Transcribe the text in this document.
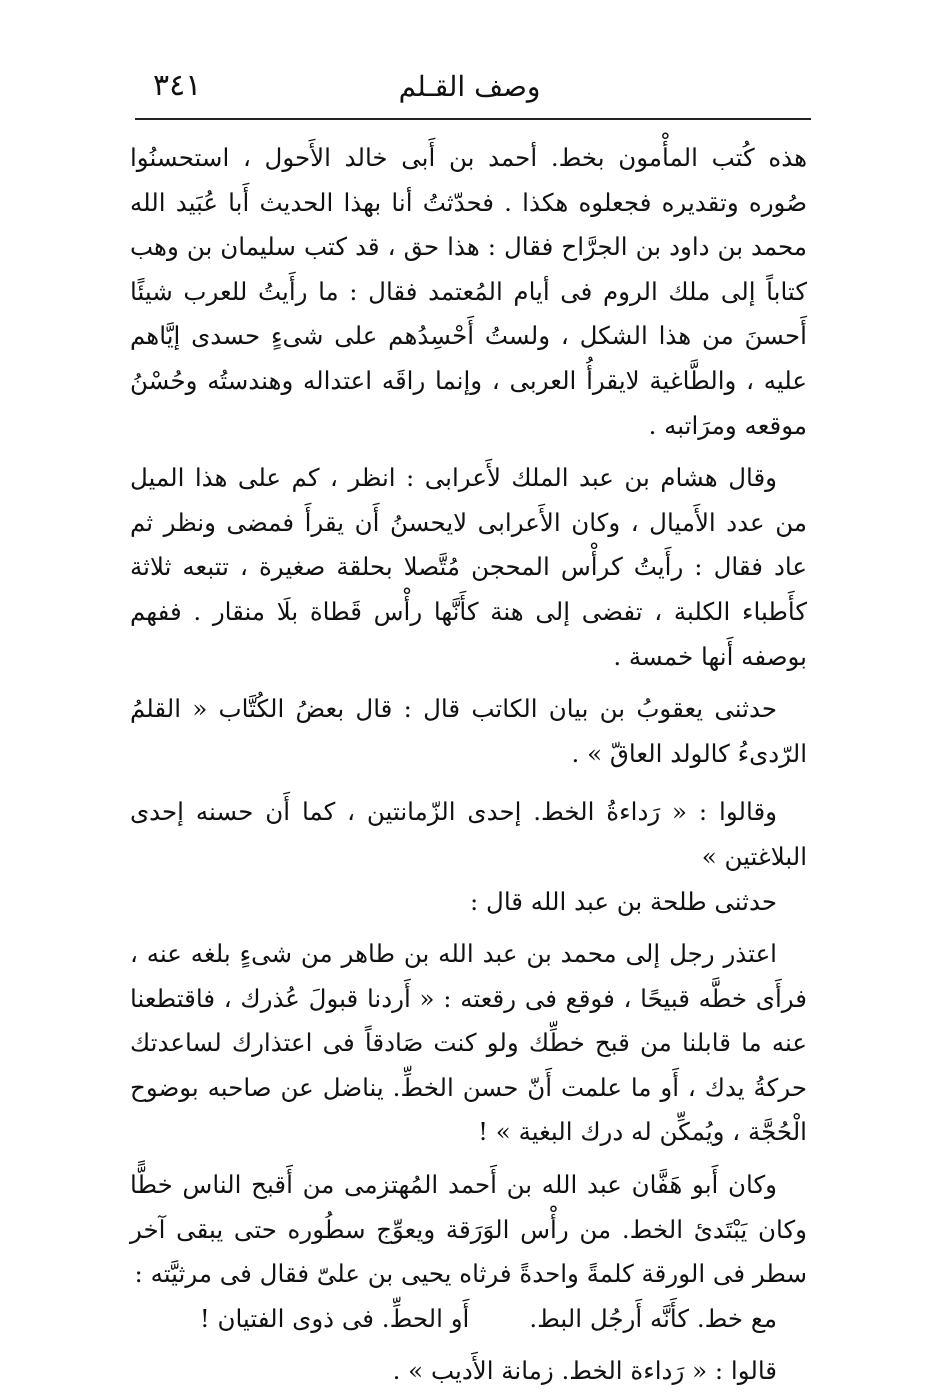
وصف القـلم
٣٤١

هذه كُتب المأْمون بخط. أحمد بن أَبى خالد الأَحول ، استحسنُوا صُوره وتقديره فجعلوه هكذا . فحدّثتُ أنا بهذا الحديث أَبا عُبَيد الله محمد بن داود بن الجرَّاح فقال : هذا حق ، قد كتب سليمان بن وهب كتاباً إلى ملك الروم فى أيام المُعتمد فقال : ما رأَيتُ للعرب شيئًا أَحسنَ من هذا الشكل ، ولستُ أَحْسِدُهم على شىءٍ حسدى إيَّاهم عليه ، والطَّاغية لايقرأُ العربى ، وإنما راقَه اعتداله وهندستُه وحُسْنُ موقعه ومرَاتبه .

وقال هشام بن عبد الملك لأَعرابى : انظر ، كم على هذا الميل من عدد الأَميال ، وكان الأَعرابى لايحسنُ أَن يقرأَ فمضى ونظر ثم عاد فقال : رأَيتُ كرأْس المحجن مُتَّصلا بحلقة صغيرة ، تتبعه ثلاثة كأَطباء الكلبة ، تفضى إلى هنة كأَنَّها رأْس قَطاة بلَا منقار . ففهم بوصفه أَنها خمسة .

حدثنى يعقوبُ بن بيان الكاتب قال : قال بعضُ الكُتَّاب « القلمُ الرّدىءُ كالولد العاقّ » .

وقالوا : « رَداءةُ الخط. إحدى الزّمانتين ، كما أَن حسنه إحدى البلاغتين »

حدثنى طلحة بن عبد الله قال :

اعتذر رجل إلى محمد بن عبد الله بن طاهر من شىءٍ بلغه عنه ، فرأَى خطَّه قبيحًا ، فوقع فى رقعته : « أَردنا قبولَ عُذرك ، فاقتطعنا عنه ما قابلنا من قبح خطِّك ولو كنت صَادقاً فى اعتذارك لساعدتك حركةُ يدك ، أَو ما علمت أَنّ حسن الخطِّ. يناضل عن صاحبه بوضوح الْحُجَّة ، ويُمكِّن له درك البغية » !

وكان أَبو هَفَّان عبد الله بن أَحمد المُهتزمى من أَقبح الناس خطًّا وكان يَبْتَدئ الخط. من رأْس الوَرَقة ويعوِّج سطُوره حتى يبقى آخر سطر فى الورقة كلمةً واحدةً فرثاه يحيى بن علىّ فقال فى مرثيَّته :

مع خط. كأَنَّه أَرجُل البط.
أَو الحطِّ. فى ذوى الفتيان !

قالوا : « رَداءة الخط. زمانة الأَديب » .
